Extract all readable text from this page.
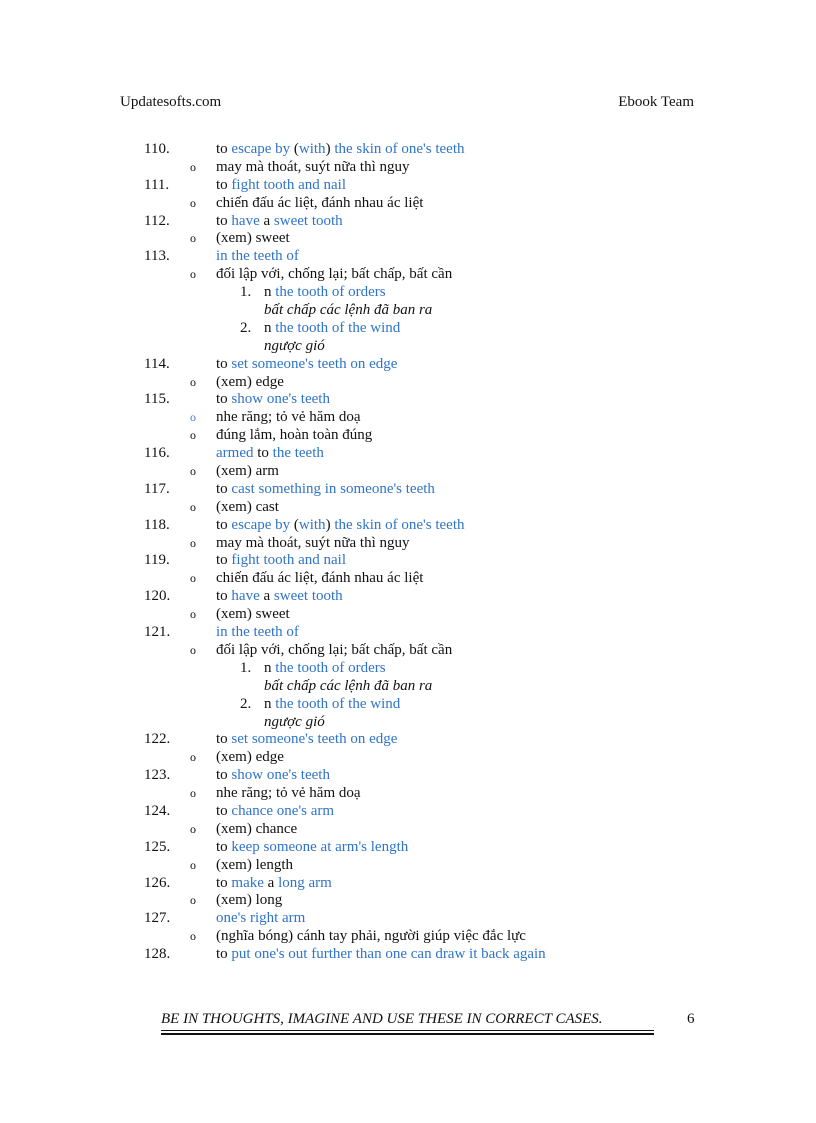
Updatesofts.com	Ebook Team
110.	to escape by (with) the skin of one's teeth
o may mà thoát, suýt nữa thì nguy
111.	to fight tooth and nail
o chiến đấu ác liệt, đánh nhau ác liệt
112.	to have a sweet tooth
o (xem) sweet
113.	in the teeth of
o đối lập với, chống lại; bất chấp, bất cần
1. n the tooth of orders
bất chấp các lệnh đã ban ra
2. n the tooth of the wind
ngược gió
114.	to set someone's teeth on edge
o (xem) edge
115.	to show one's teeth
o nhe răng; tỏ vẻ hăm doạ
o đúng lắm, hoàn toàn đúng
116.	armed to the teeth
o (xem) arm
117.	to cast something in someone's teeth
o (xem) cast
118.	to escape by (with) the skin of one's teeth
o may mà thoát, suýt nữa thì nguy
119.	to fight tooth and nail
o chiến đấu ác liệt, đánh nhau ác liệt
120.	to have a sweet tooth
o (xem) sweet
121.	in the teeth of
o đối lập với, chống lại; bất chấp, bất cần
1. n the tooth of orders
bất chấp các lệnh đã ban ra
2. n the tooth of the wind
ngược gió
122.	to set someone's teeth on edge
o (xem) edge
123.	to show one's teeth
o nhe răng; tỏ vẻ hăm doạ
124.	to chance one's arm
o (xem) chance
125.	to keep someone at arm's length
o (xem) length
126.	to make a long arm
o (xem) long
127.	one's right arm
o (nghĩa bóng) cánh tay phải, người giúp việc đắc lực
128.	to put one's out further than one can draw it back again
BE IN THOUGHTS, IMAGINE AND USE THESE IN CORRECT CASES.	6
